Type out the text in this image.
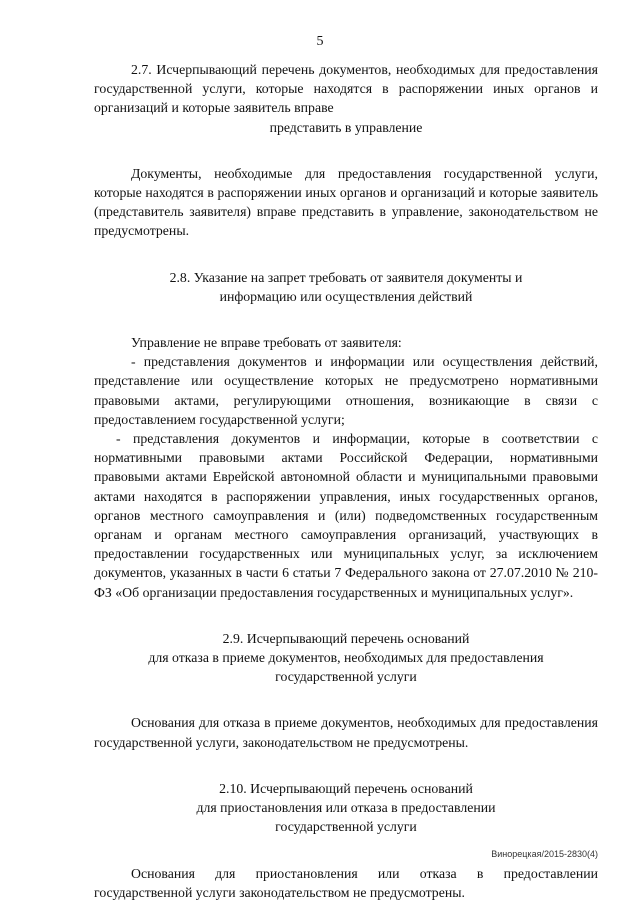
5

2.7. Исчерпывающий перечень документов, необходимых для предоставления государственной услуги, которые находятся в распоряжении иных органов и организаций и которые заявитель вправе

представить в управление

Документы, необходимые для предоставления государственной услуги, которые находятся в распоряжении иных органов и организаций и которые заявитель (представитель заявителя) вправе представить в управление, законодательством не предусмотрены.

2.8. Указание на запрет требовать от заявителя документы и

информацию или осуществления действий

Управление не вправе требовать от заявителя:

- представления документов и информации или осуществления действий, представление или осуществление которых не предусмотрено нормативными правовыми актами, регулирующими отношения, возникающие в связи с предоставлением государственной услуги;

- представления документов и информации, которые в соответствии с нормативными правовыми актами Российской Федерации, нормативными правовыми актами Еврейской автономной области и муниципальными правовыми актами находятся в распоряжении управления, иных государственных органов, органов местного самоуправления и (или) подведомственных государственным органам и органам местного самоуправления организаций, участвующих в предоставлении государственных или муниципальных услуг, за исключением документов, указанных в части 6 статьи 7 Федерального закона от 27.07.2010 № 210-ФЗ «Об организации предоставления государственных и муниципальных услуг».

2.9. Исчерпывающий перечень оснований

для отказа в приеме документов, необходимых для предоставления

государственной услуги

Основания для отказа в приеме документов, необходимых для предоставления государственной услуги, законодательством не предусмотрены.

2.10. Исчерпывающий перечень оснований

для приостановления или отказа в предоставлении

государственной услуги

Основания для приостановления или отказа в предоставлении государственной услуги законодательством не предусмотрены.

Винорецкая/2015-2830(4)
